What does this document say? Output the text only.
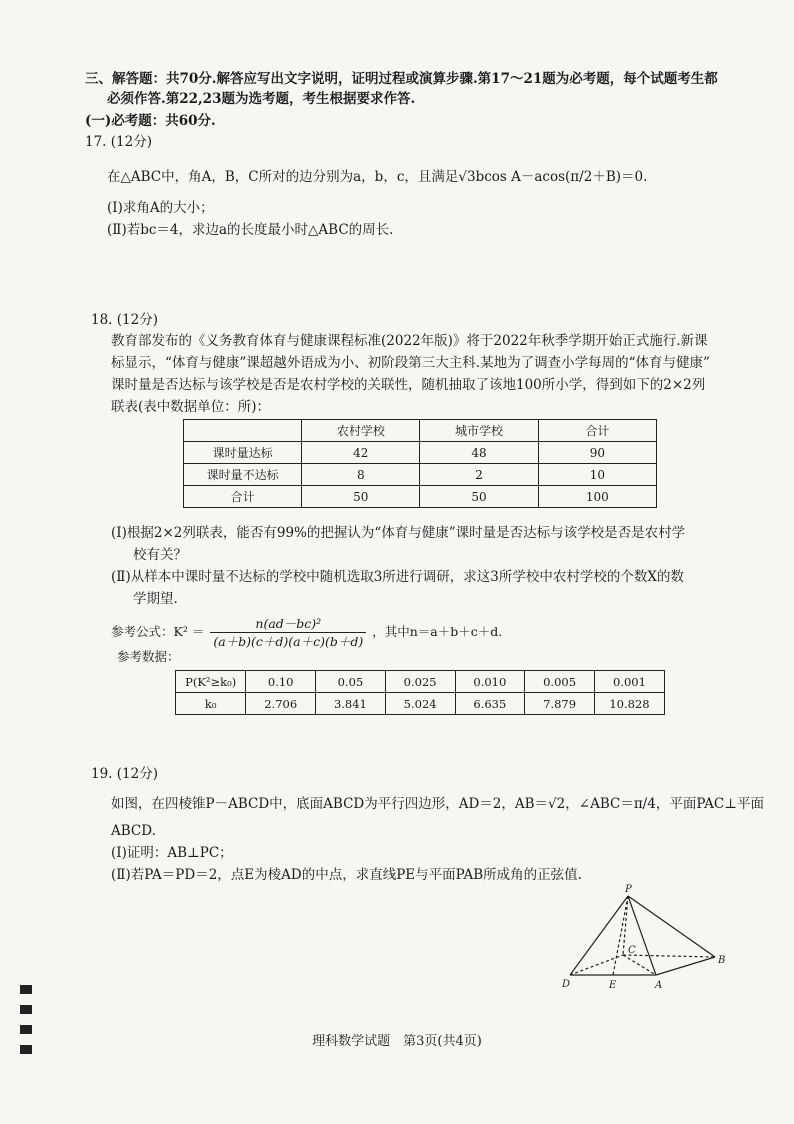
三、解答题：共70分.解答应写出文字说明，证明过程或演算步骤.第17～21题为必考题，每个试题考生都
必须作答.第22,23题为选考题，考生根据要求作答.
(一)必考题：共60分.
17. (12分)
在△ABC中，角A，B，C所对的边分别为a，b，c，且满足√3bcos A－acos(π/2＋B)＝0.
(Ⅰ)求角A的大小；
(Ⅱ)若bc＝4，求边a的长度最小时△ABC的周长.
18. (12分)
教育部发布的《义务教育体育与健康课程标准(2022年版)》将于2022年秋季学期开始正式施行.新课
标显示，“体育与健康”课超越外语成为小、初阶段第三大主科.某地为了调查小学每周的“体育与健康”
课时量是否达标与该学校是否是农村学校的关联性，随机抽取了该地100所小学，得到如下的2×2列
联表(表中数据单位：所)：
	农村学校	城市学校	合计
课时量达标	42	48	90
课时量不达标	8	2	10
合计	50	50	100
(Ⅰ)根据2×2列联表，能否有99%的把握认为“体育与健康”课时量是否达标与该学校是否是农村学
校有关？
(Ⅱ)从样本中课时量不达标的学校中随机选取3所进行调研，求这3所学校中农村学校的个数X的数
学期望.
参考公式：$K^2 = \frac{\text{n(ad－bc)²}}{(a+b)(c+d)(a+c)(b+d)}$ ，其中n＝a＋b＋c＋d.
参考数据：
P(K²≥k₀)	0.10	0.05	0.025	0.010	0.005	0.001
k₀	2.706	3.841	5.024	6.635	7.879	10.828
19. (12分)
如图，在四棱锥P－ABCD中，底面ABCD为平行四边形，AD＝2，AB＝√2，∠ABC＝π/4，平面PAC⊥平面
ABCD.
(Ⅰ)证明：AB⊥PC；
(Ⅱ)若PA＝PD＝2，点E为棱AD的中点，求直线PE与平面PAB所成角的正弦值.
P
C
B
D	E	A
理科数学试题　第3页(共4页)
